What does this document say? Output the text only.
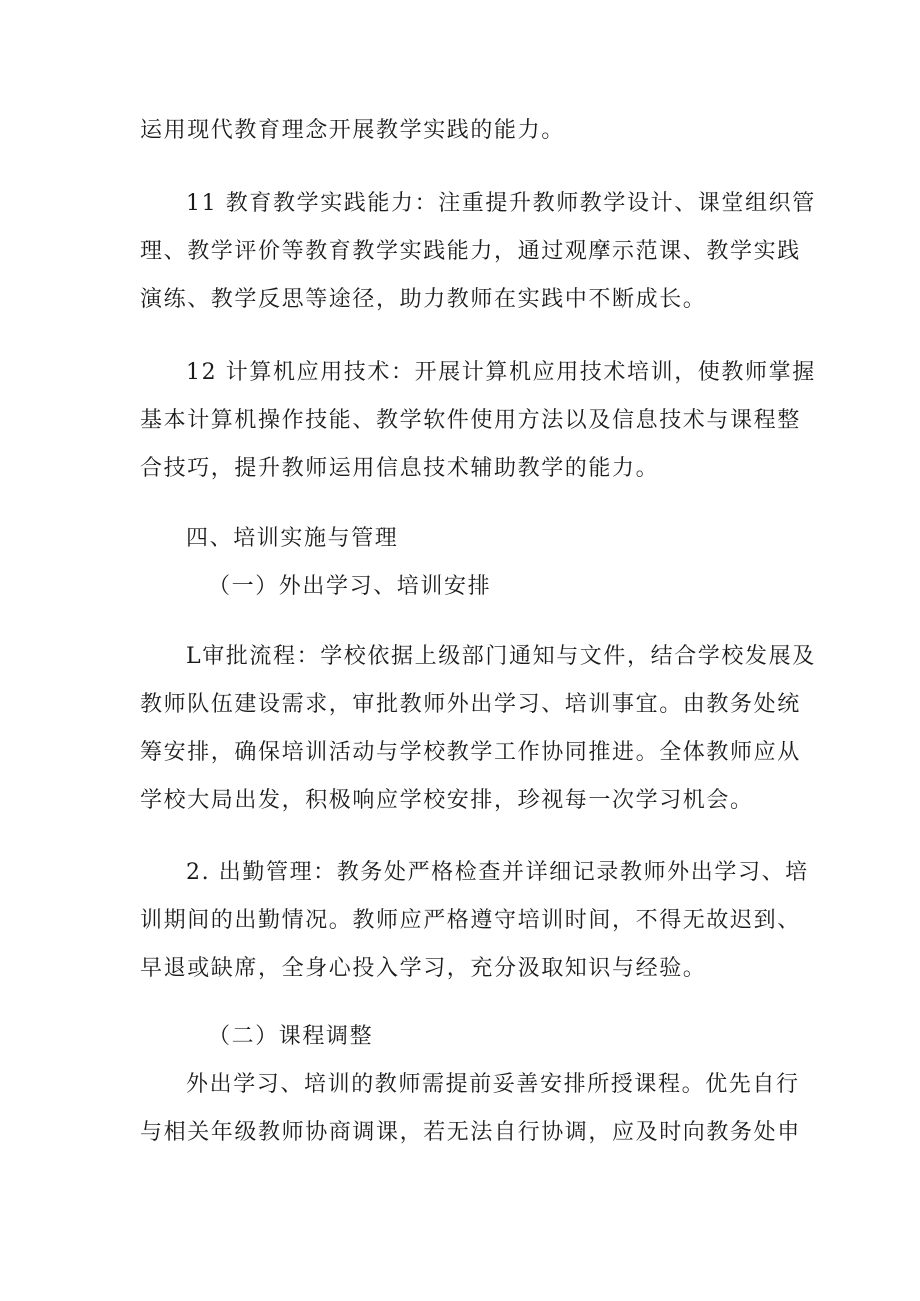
运用现代教育理念开展教学实践的能力。
11 教育教学实践能力：注重提升教师教学设计、课堂组织管
理、教学评价等教育教学实践能力，通过观摩示范课、教学实践
演练、教学反思等途径，助力教师在实践中不断成长。
12 计算机应用技术：开展计算机应用技术培训，使教师掌握
基本计算机操作技能、教学软件使用方法以及信息技术与课程整
合技巧，提升教师运用信息技术辅助教学的能力。
四、培训实施与管理
（一）外出学习、培训安排
L审批流程：学校依据上级部门通知与文件，结合学校发展及
教师队伍建设需求，审批教师外出学习、培训事宜。由教务处统
筹安排，确保培训活动与学校教学工作协同推进。全体教师应从
学校大局出发，积极响应学校安排，珍视每一次学习机会。
2. 出勤管理：教务处严格检查并详细记录教师外出学习、培
训期间的出勤情况。教师应严格遵守培训时间，不得无故迟到、
早退或缺席，全身心投入学习，充分汲取知识与经验。
（二）课程调整
外出学习、培训的教师需提前妥善安排所授课程。优先自行
与相关年级教师协商调课，若无法自行协调，应及时向教务处申
